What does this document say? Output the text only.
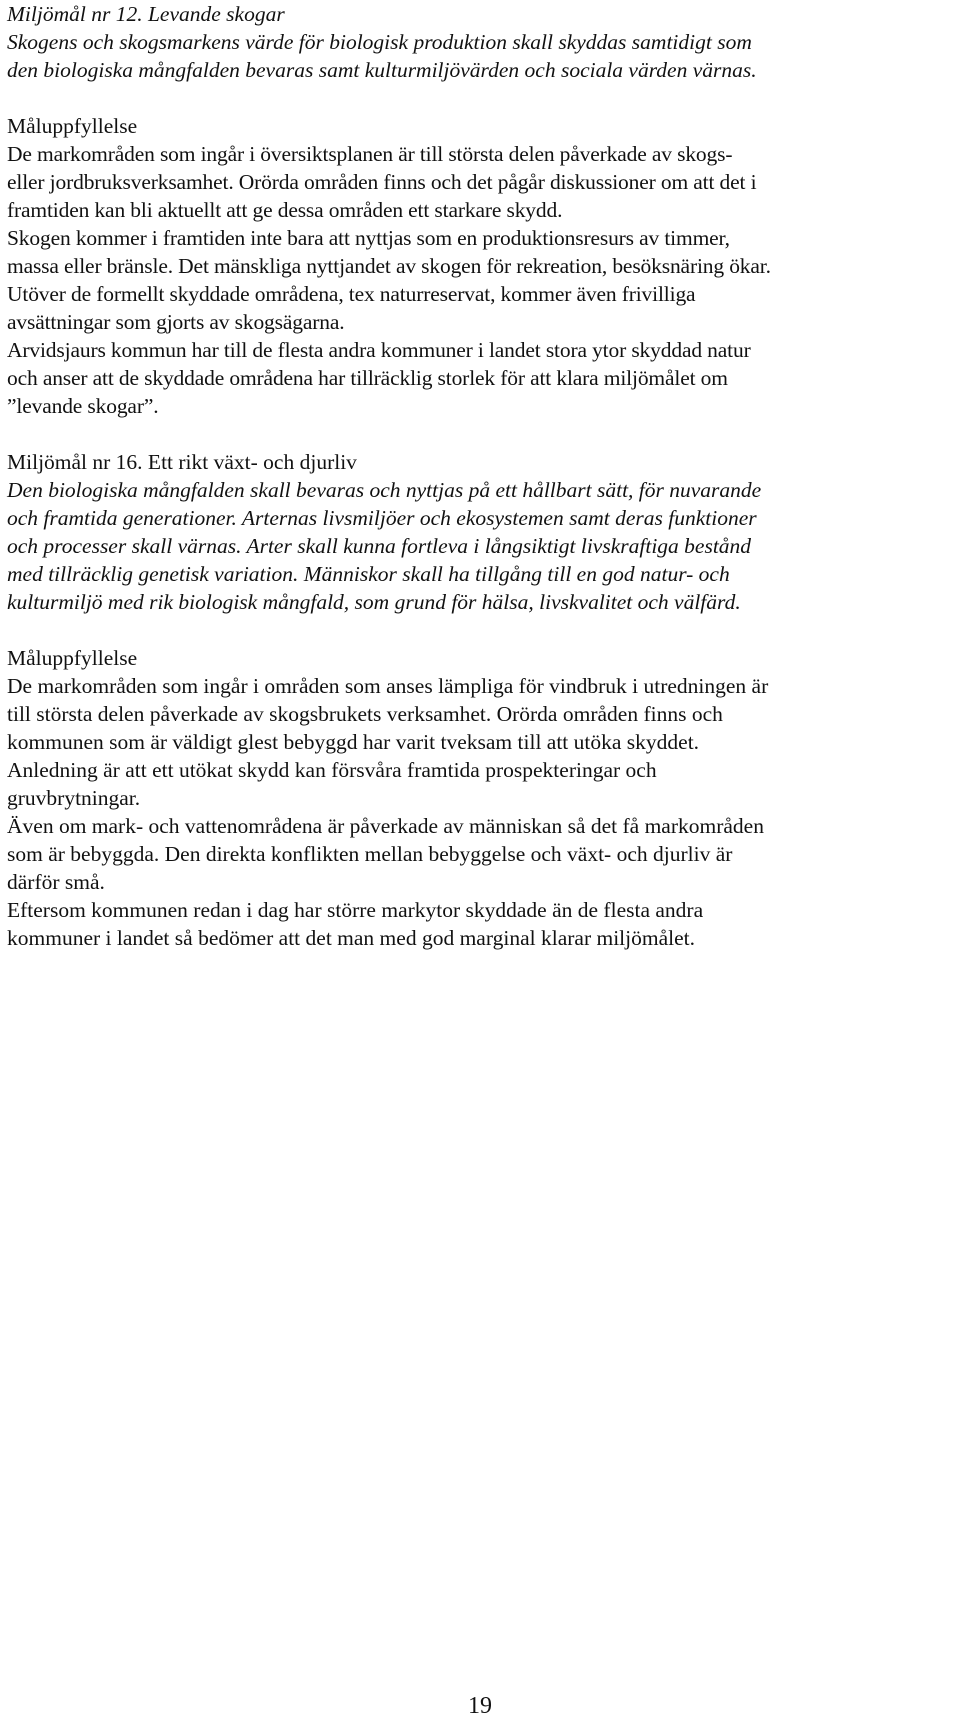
Miljömål nr 12. Levande skogar
Skogens och skogsmarkens värde för biologisk produktion skall skyddas samtidigt som
den biologiska mångfalden bevaras samt kulturmiljövärden och sociala värden värnas.
Måluppfyllelse
De markområden som ingår i översiktsplanen är till största delen påverkade av skogs-
eller jordbruksverksamhet. Orörda områden finns och det pågår diskussioner om att det i
framtiden kan bli aktuellt att ge dessa områden ett starkare skydd.
Skogen kommer i framtiden inte bara att nyttjas som en produktionsresurs av timmer,
massa eller bränsle. Det mänskliga nyttjandet av skogen för rekreation, besöksnäring ökar.
Utöver de formellt skyddade områdena, tex naturreservat, kommer även frivilliga
avsättningar som gjorts av skogsägarna.
Arvidsjaurs kommun har till de flesta andra kommuner i landet stora ytor skyddad natur
och anser att de skyddade områdena har tillräcklig storlek för att klara miljömålet om
”levande skogar”.
Miljömål nr 16. Ett rikt växt- och djurliv
Den biologiska mångfalden skall bevaras och nyttjas på ett hållbart sätt, för nuvarande
och framtida generationer. Arternas livsmiljöer och ekosystemen samt deras funktioner
och processer skall värnas. Arter skall kunna fortleva i långsiktigt livskraftiga bestånd
med tillräcklig genetisk variation. Människor skall ha tillgång till en god natur- och
kulturmiljö med rik biologisk mångfald, som grund för hälsa, livskvalitet och välfärd.
Måluppfyllelse
De markområden som ingår i områden som anses lämpliga för vindbruk i utredningen är
till största delen påverkade av skogsbrukets verksamhet. Orörda områden finns och
kommunen som är väldigt glest bebyggd har varit tveksam till att utöka skyddet.
Anledning är att ett utökat skydd kan försvåra framtida prospekteringar och
gruvbrytningar.
Även om mark- och vattenområdena är påverkade av människan så det få markområden
som är bebyggda. Den direkta konflikten mellan bebyggelse och växt- och djurliv är
därför små.
Eftersom kommunen redan i dag har större markytor skyddade än de flesta andra
kommuner i landet så bedömer att det man med god marginal klarar miljömålet.
19
